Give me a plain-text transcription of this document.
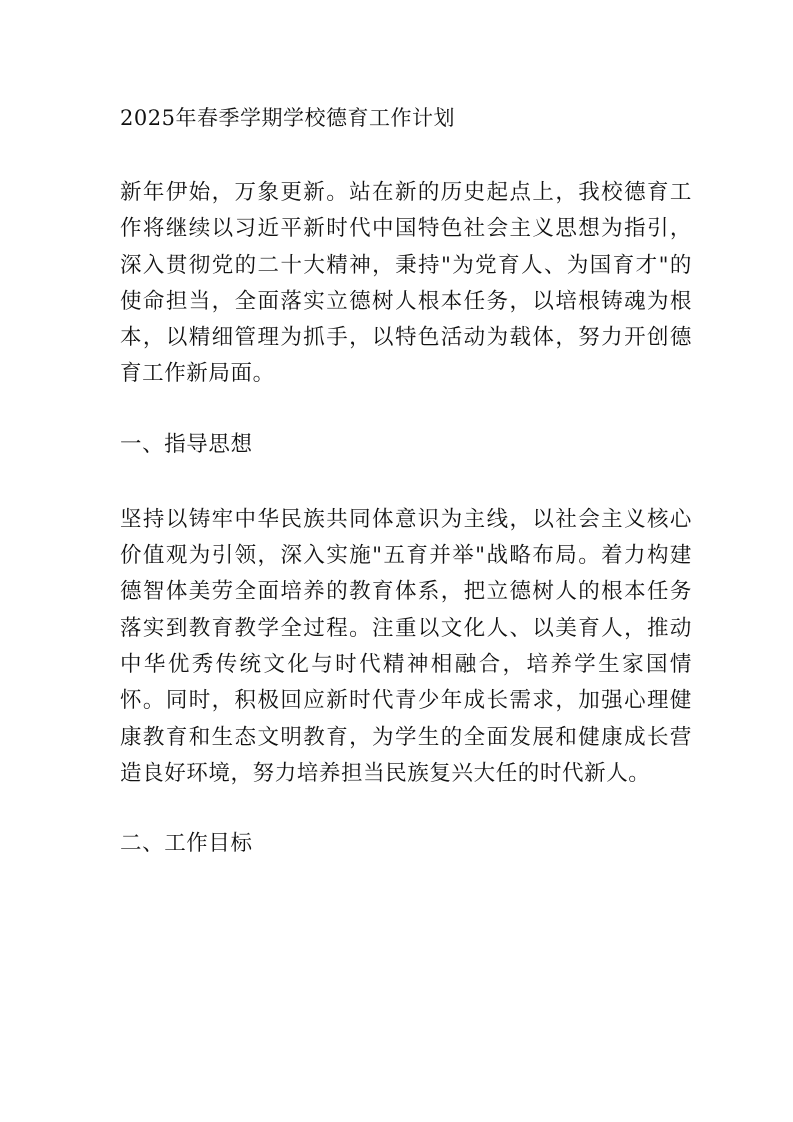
2025年春季学期学校德育工作计划

新年伊始，万象更新。站在新的历史起点上，我校德育工作将继续以习近平新时代中国特色社会主义思想为指引，深入贯彻党的二十大精神，秉持"为党育人、为国育才"的使命担当，全面落实立德树人根本任务，以培根铸魂为根本，以精细管理为抓手，以特色活动为载体，努力开创德育工作新局面。

一、指导思想

坚持以铸牢中华民族共同体意识为主线，以社会主义核心价值观为引领，深入实施"五育并举"战略布局。着力构建德智体美劳全面培养的教育体系，把立德树人的根本任务落实到教育教学全过程。注重以文化人、以美育人，推动中华优秀传统文化与时代精神相融合，培养学生家国情怀。同时，积极回应新时代青少年成长需求，加强心理健康教育和生态文明教育，为学生的全面发展和健康成长营造良好环境，努力培养担当民族复兴大任的时代新人。

二、工作目标
